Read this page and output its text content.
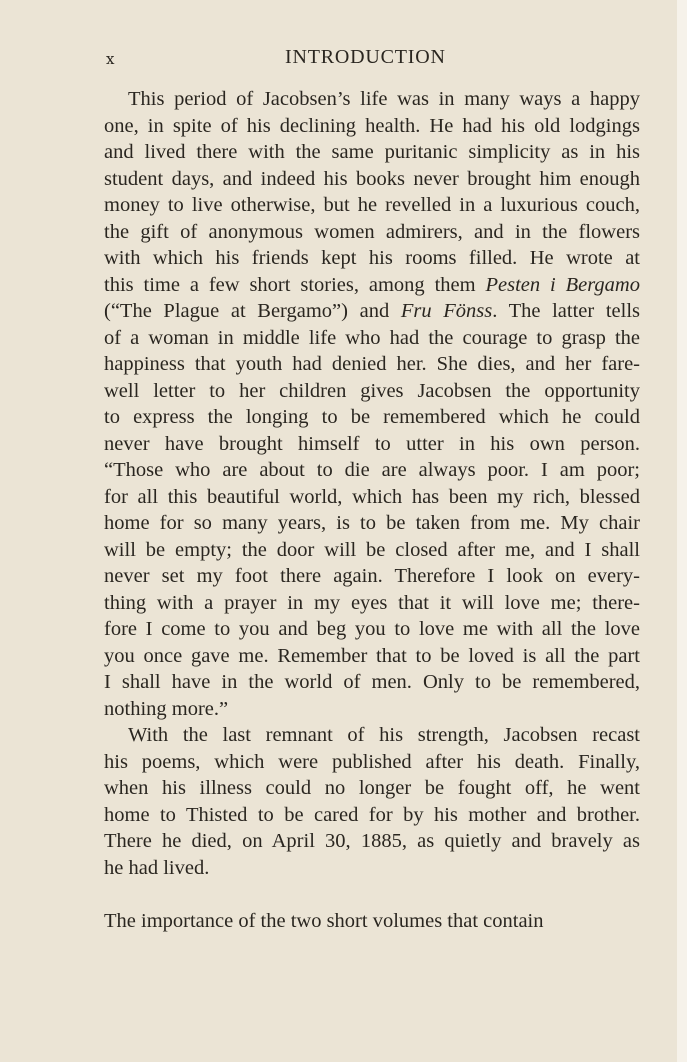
x	INTRODUCTION
This period of Jacobsen’s life was in many ways a happy
one, in spite of his declining health. He had his old lodgings
and lived there with the same puritanic simplicity as in his
student days, and indeed his books never brought him enough
money to live otherwise, but he revelled in a luxurious couch,
the gift of anonymous women admirers, and in the flowers
with which his friends kept his rooms filled. He wrote at
this time a few short stories, among them Pesten i Bergamo
(“The Plague at Bergamo”) and Fru Fönss. The latter tells
of a woman in middle life who had the courage to grasp the
happiness that youth had denied her. She dies, and her fare-
well letter to her children gives Jacobsen the opportunity
to express the longing to be remembered which he could
never have brought himself to utter in his own person.
“Those who are about to die are always poor. I am poor;
for all this beautiful world, which has been my rich, blessed
home for so many years, is to be taken from me. My chair
will be empty; the door will be closed after me, and I shall
never set my foot there again. Therefore I look on every-
thing with a prayer in my eyes that it will love me; there-
fore I come to you and beg you to love me with all the love
you once gave me. Remember that to be loved is all the part
I shall have in the world of men. Only to be remembered,
nothing more.”
With the last remnant of his strength, Jacobsen recast
his poems, which were published after his death. Finally,
when his illness could no longer be fought off, he went
home to Thisted to be cared for by his mother and brother.
There he died, on April 30, 1885, as quietly and bravely as
he had lived.
The importance of the two short volumes that contain
